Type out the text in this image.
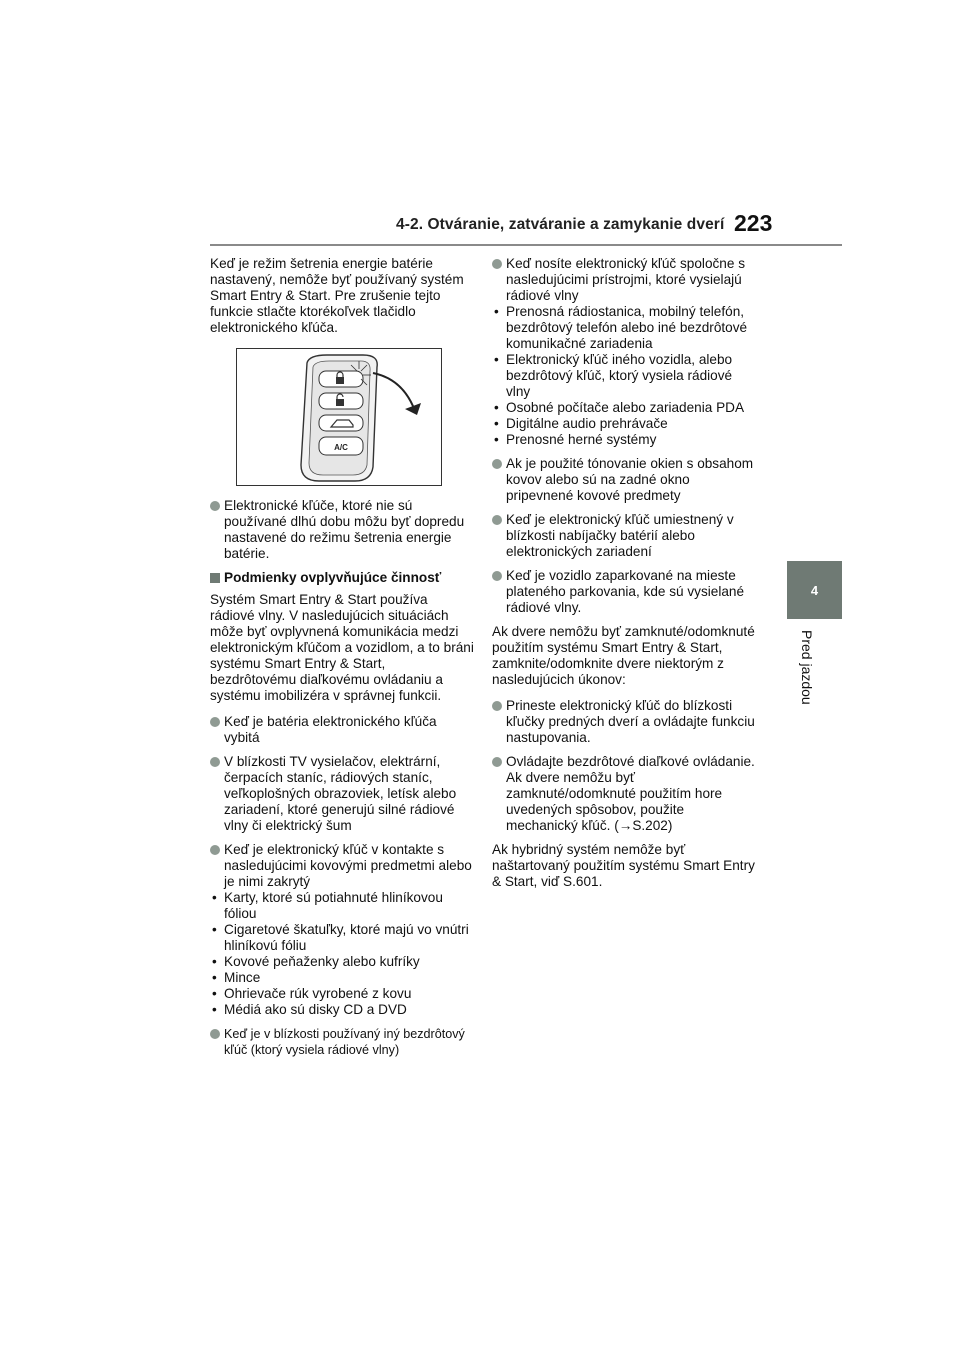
4-2. Otváranie, zatváranie a zamykanie dverí 223
4
Pred jazdou

Keď je režim šetrenia energie batérie nastavený, nemôže byť používaný systém Smart Entry & Start. Pre zrušenie tejto funkcie stlačte ktorékoľvek tlačidlo elektronického kľúča.

A/C
Elektronické kľúče, ktoré nie sú používané dlhú dobu môžu byť dopredu nastavené do režimu šetrenia energie batérie.
Podmienky ovplyvňujúce činnosť

Systém Smart Entry & Start používa rádiové vlny. V nasledujúcich situáciách môže byť ovplyvnená komunikácia medzi elektronickým kľúčom a vozidlom, a to bráni systému Smart Entry & Start, bezdrôtovému diaľkovému ovládaniu a systému imobilizéra v správnej funkcii.

Keď je batéria elektronického kľúča vybitá
V blízkosti TV vysielačov, elektrární, čerpacích staníc, rádiových staníc, veľkoplošných obrazoviek, letísk alebo zariadení, ktoré generujú silné rádiové vlny či elektrický šum
Keď je elektronický kľúč v kontakte s nasledujúcimi kovovými predmetmi alebo je nimi zakrytý
• Karty, ktoré sú potiahnuté hliníkovou fóliou
• Cigaretové škatuľky, ktoré majú vo vnútri hliníkovú fóliu
• Kovové peňaženky alebo kufríky
• Mince
• Ohrievače rúk vyrobené z kovu
• Médiá ako sú disky CD a DVD
Keď je v blízkosti používaný iný bezdrôtový kľúč (ktorý vysiela rádiové vlny)
Keď nosíte elektronický kľúč spoločne s nasledujúcimi prístrojmi, ktoré vysielajú rádiové vlny
• Prenosná rádiostanica, mobilný telefón, bezdrôtový telefón alebo iné bezdrôtové komunikačné zariadenia
• Elektronický kľúč iného vozidla, alebo bezdrôtový kľúč, ktorý vysiela rádiové vlny
• Osobné počítače alebo zariadenia PDA
• Digitálne audio prehrávače
• Prenosné herné systémy
Ak je použité tónovanie okien s obsahom kovov alebo sú na zadné okno pripevnené kovové predmety
Keď je elektronický kľúč umiestnený v blízkosti nabíjačky batérií alebo elektronických zariadení
Keď je vozidlo zaparkované na mieste plateného parkovania, kde sú vysielané rádiové vlny.

Ak dvere nemôžu byť zamknuté/odomknuté použitím systému Smart Entry & Start, zamknite/odomknite dvere niektorým z nasledujúcich úkonov:

Prineste elektronický kľúč do blízkosti kľučky predných dverí a ovládajte funkciu nastupovania.
Ovládajte bezdrôtové diaľkové ovládanie. Ak dvere nemôžu byť zamknuté/odomknuté použitím hore uvedených spôsobov, použite mechanický kľúč. (→S.202)

Ak hybridný systém nemôže byť naštartovaný použitím systému Smart Entry & Start, viď S.601.
